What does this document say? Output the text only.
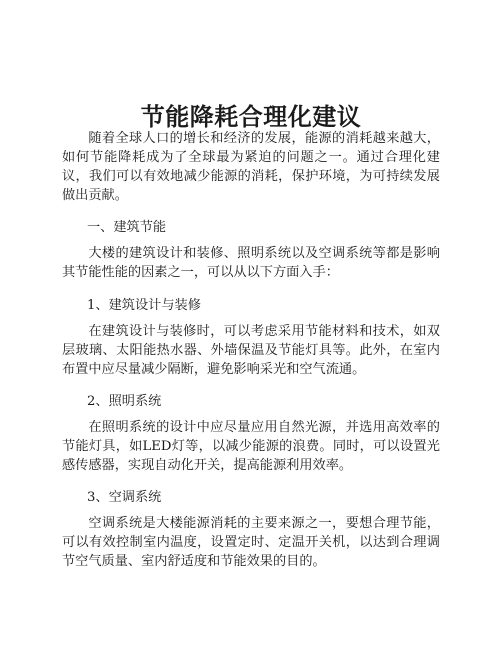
节能降耗合理化建议

随着全球人口的增长和经济的发展，能源的消耗越来越大，如何节能降耗成为了全球最为紧迫的问题之一。通过合理化建议，我们可以有效地减少能源的消耗，保护环境，为可持续发展做出贡献。

一、建筑节能

大楼的建筑设计和装修、照明系统以及空调系统等都是影响其节能性能的因素之一，可以从以下方面入手：

1、建筑设计与装修

在建筑设计与装修时，可以考虑采用节能材料和技术，如双层玻璃、太阳能热水器、外墙保温及节能灯具等。此外，在室内布置中应尽量减少隔断，避免影响采光和空气流通。

2、照明系统

在照明系统的设计中应尽量应用自然光源，并选用高效率的节能灯具，如LED灯等，以减少能源的浪费。同时，可以设置光感传感器，实现自动化开关，提高能源利用效率。

3、空调系统

空调系统是大楼能源消耗的主要来源之一，要想合理节能，可以有效控制室内温度，设置定时、定温开关机，以达到合理调节空气质量、室内舒适度和节能效果的目的。
